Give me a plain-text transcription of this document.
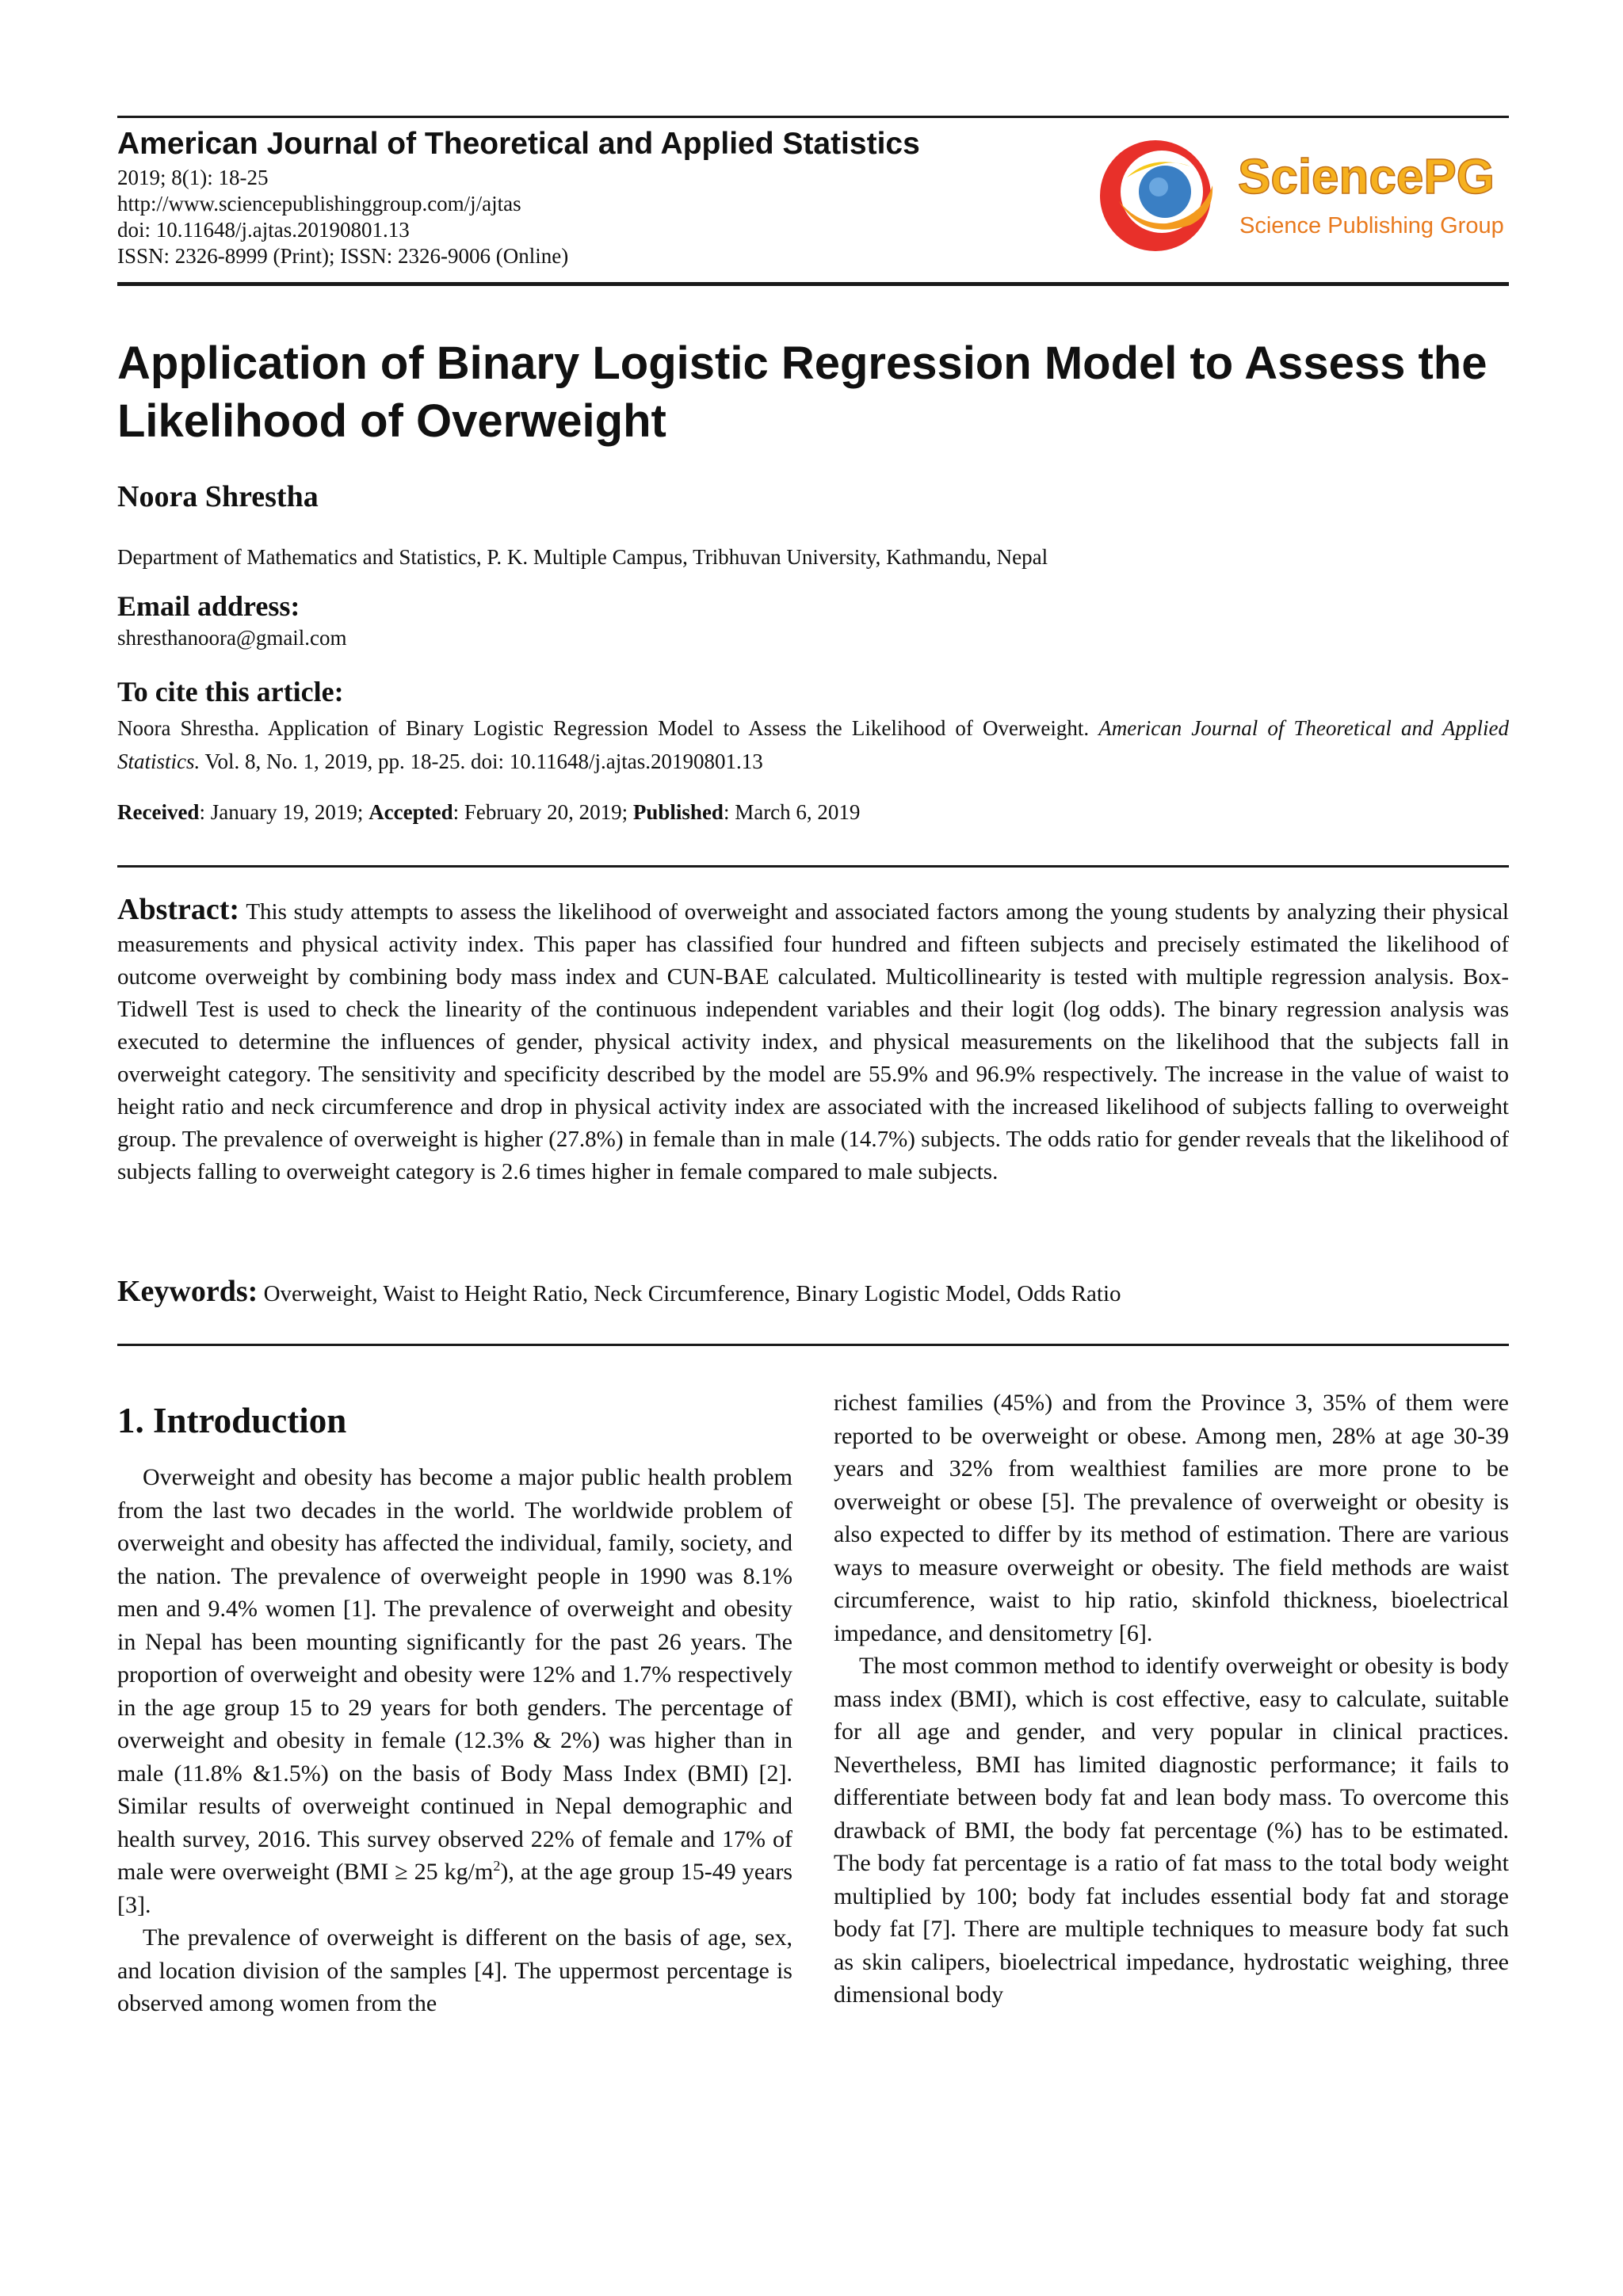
American Journal of Theoretical and Applied Statistics
2019; 8(1): 18-25
http://www.sciencepublishinggroup.com/j/ajtas
doi: 10.11648/j.ajtas.20190801.13
ISSN: 2326-8999 (Print); ISSN: 2326-9006 (Online)
SciencePG
Science Publishing Group
Application of Binary Logistic Regression Model to Assess the Likelihood of Overweight
Noora Shrestha
Department of Mathematics and Statistics, P. K. Multiple Campus, Tribhuvan University, Kathmandu, Nepal
Email address:
shresthanoora@gmail.com
To cite this article:
Noora Shrestha. Application of Binary Logistic Regression Model to Assess the Likelihood of Overweight. American Journal of Theoretical and Applied Statistics. Vol. 8, No. 1, 2019, pp. 18-25. doi: 10.11648/j.ajtas.20190801.13
Received: January 19, 2019; Accepted: February 20, 2019; Published: March 6, 2019

Abstract: This study attempts to assess the likelihood of overweight and associated factors among the young students by analyzing their physical measurements and physical activity index. This paper has classified four hundred and fifteen subjects and precisely estimated the likelihood of outcome overweight by combining body mass index and CUN-BAE calculated. Multicollinearity is tested with multiple regression analysis. Box-Tidwell Test is used to check the linearity of the continuous independent variables and their logit (log odds). The binary regression analysis was executed to determine the influences of gender, physical activity index, and physical measurements on the likelihood that the subjects fall in overweight category. The sensitivity and specificity described by the model are 55.9% and 96.9% respectively. The increase in the value of waist to height ratio and neck circumference and drop in physical activity index are associated with the increased likelihood of subjects falling to overweight group. The prevalence of overweight is higher (27.8%) in female than in male (14.7%) subjects. The odds ratio for gender reveals that the likelihood of subjects falling to overweight category is 2.6 times higher in female compared to male subjects.

Keywords: Overweight, Waist to Height Ratio, Neck Circumference, Binary Logistic Model, Odds Ratio
1. Introduction

Overweight and obesity has become a major public health problem from the last two decades in the world. The worldwide problem of overweight and obesity has affected the individual, family, society, and the nation. The prevalence of overweight people in 1990 was 8.1% men and 9.4% women [1]. The prevalence of overweight and obesity in Nepal has been mounting significantly for the past 26 years. The proportion of overweight and obesity were 12% and 1.7% respectively in the age group 15 to 29 years for both genders. The percentage of overweight and obesity in female (12.3% & 2%) was higher than in male (11.8% &1.5%) on the basis of Body Mass Index (BMI) [2]. Similar results of overweight continued in Nepal demographic and health survey, 2016. This survey observed 22% of female and 17% of male were overweight (BMI ≥ 25 $kg/m^2$), at the age group 15-49 years [3].

The prevalence of overweight is different on the basis of age, sex, and location division of the samples [4]. The uppermost percentage is observed among women from the

richest families (45%) and from the Province 3, 35% of them were reported to be overweight or obese. Among men, 28% at age 30-39 years and 32% from wealthiest families are more prone to be overweight or obese [5]. The prevalence of overweight or obesity is also expected to differ by its method of estimation. There are various ways to measure overweight or obesity. The field methods are waist circumference, waist to hip ratio, skinfold thickness, bioelectrical impedance, and densitometry [6].

The most common method to identify overweight or obesity is body mass index (BMI), which is cost effective, easy to calculate, suitable for all age and gender, and very popular in clinical practices. Nevertheless, BMI has limited diagnostic performance; it fails to differentiate between body fat and lean body mass. To overcome this drawback of BMI, the body fat percentage (%) has to be estimated. The body fat percentage is a ratio of fat mass to the total body weight multiplied by 100; body fat includes essential body fat and storage body fat [7]. There are multiple techniques to measure body fat such as skin calipers, bioelectrical impedance, hydrostatic weighing, three dimensional body
